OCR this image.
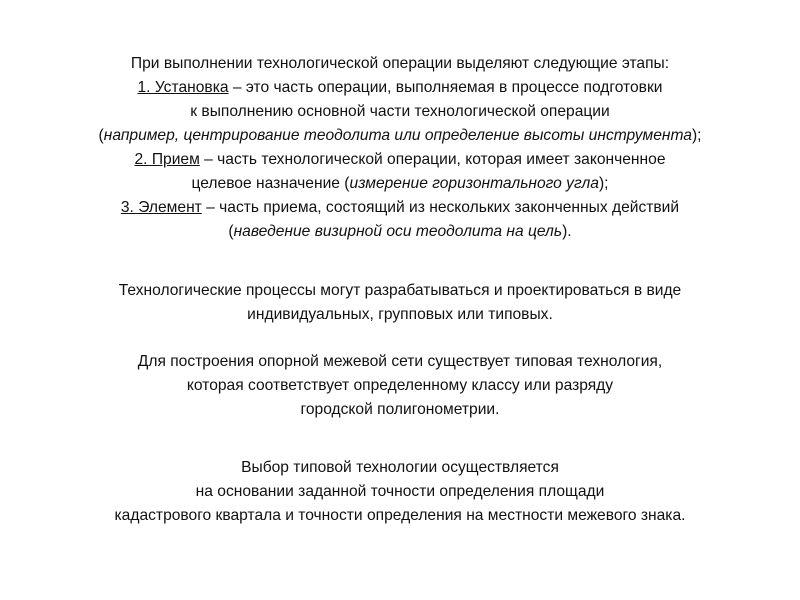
При выполнении технологической операции выделяют следующие этапы:
1. Установка – это часть операции, выполняемая в процессе подготовки
к выполнению основной части технологической операции
(например, центрирование теодолита или определение высоты инструмента);
2. Прием – часть технологической операции, которая имеет законченное
целевое назначение (измерение горизонтального угла);
3. Элемент – часть приема, состоящий из нескольких законченных действий
(наведение визирной оси теодолита на цель).
Технологические процессы могут разрабатываться и проектироваться в виде
индивидуальных, групповых или типовых.
Для построения опорной межевой сети существует типовая технология,
которая соответствует определенному классу или разряду
городской полигонометрии.
Выбор типовой технологии осуществляется
на основании заданной точности определения площади
кадастрового квартала и точности определения на местности межевого знака.
